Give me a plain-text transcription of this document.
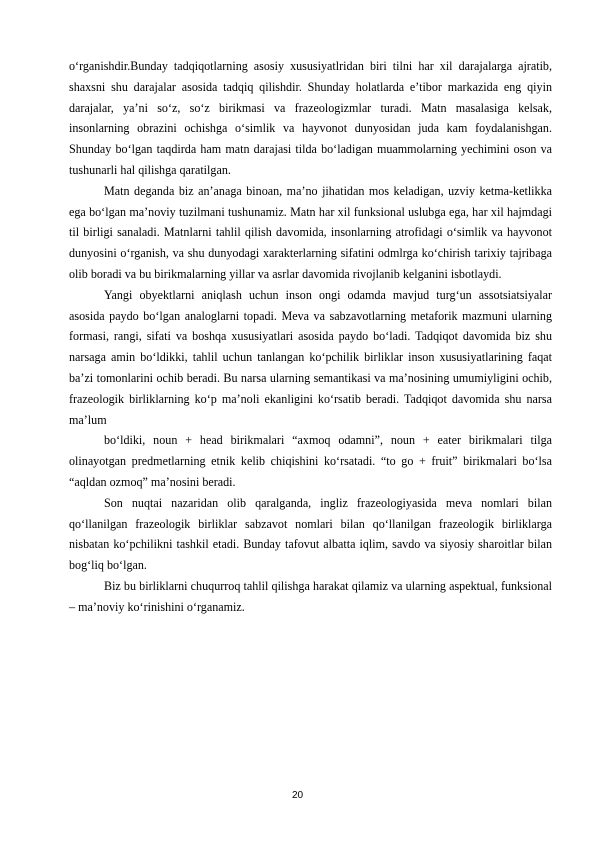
o‘rganishdir.Bunday tadqiqotlarning asosiy xususiyatlridan biri tilni har xil darajalarga ajratib, shaxsni shu darajalar asosida tadqiq qilishdir. Shunday holatlarda e’tibor markazida eng qiyin darajalar, ya’ni so‘z, so‘z birikmasi va frazeologizmlar turadi. Matn masalasiga kelsak, insonlarning obrazini ochishga o‘simlik va hayvonot dunyosidan juda kam foydalanishgan. Shunday bo‘lgan taqdirda ham matn darajasi tilda bo‘ladigan muammolarning yechimini oson va tushunarli hal qilishga qaratilgan.

Matn deganda biz an’anaga binoan, ma’no jihatidan mos keladigan, uzviy ketma-ketlikka ega bo‘lgan ma’noviy tuzilmani tushunamiz. Matn har xil funksional uslubga ega, har xil hajmdagi til birligi sanaladi. Matnlarni tahlil qilish davomida, insonlarning atrofidagi o‘simlik va hayvonot dunyosini o‘rganish, va shu dunyodagi xarakterlarning sifatini odmlrga ko‘chirish tarixiy tajribaga olib boradi va bu birikmalarning yillar va asrlar davomida rivojlanib kelganini isbotlaydi.

Yangi obyektlarni aniqlash uchun inson ongi odamda mavjud turg‘un assotsiatsiyalar asosida paydo bo‘lgan analoglarni topadi. Meva va sabzavotlarning metaforik mazmuni ularning formasi, rangi, sifati va boshqa xususiyatlari asosida paydo bo‘ladi. Tadqiqot davomida biz shu narsaga amin bo‘ldikki, tahlil uchun tanlangan ko‘pchilik birliklar inson xususiyatlarining faqat ba’zi tomonlarini ochib beradi. Bu narsa ularning semantikasi va ma’nosining umumiyligini ochib, frazeologik birliklarning ko‘p ma’noli ekanligini ko‘rsatib beradi. Tadqiqot davomida shu narsa ma’lum

bo‘ldiki, noun + head birikmalari “axmoq odamni”, noun + eater birikmalari tilga olinayotgan predmetlarning etnik kelib chiqishini ko‘rsatadi. “to go + fruit” birikmalari bo‘lsa “aqldan ozmoq” ma’nosini beradi.

Son nuqtai nazaridan olib qaralganda, ingliz frazeologiyasida meva nomlari bilan qo‘llanilgan frazeologik birliklar sabzavot nomlari bilan qo‘llanilgan frazeologik birliklarga nisbatan ko‘pchilikni tashkil etadi. Bunday tafovut albatta iqlim, savdo va siyosiy sharoitlar bilan bog‘liq bo‘lgan.

Biz bu birliklarni chuqurroq tahlil qilishga harakat qilamiz va ularning aspektual, funksional – ma’noviy ko‘rinishini o‘rganamiz.

20
